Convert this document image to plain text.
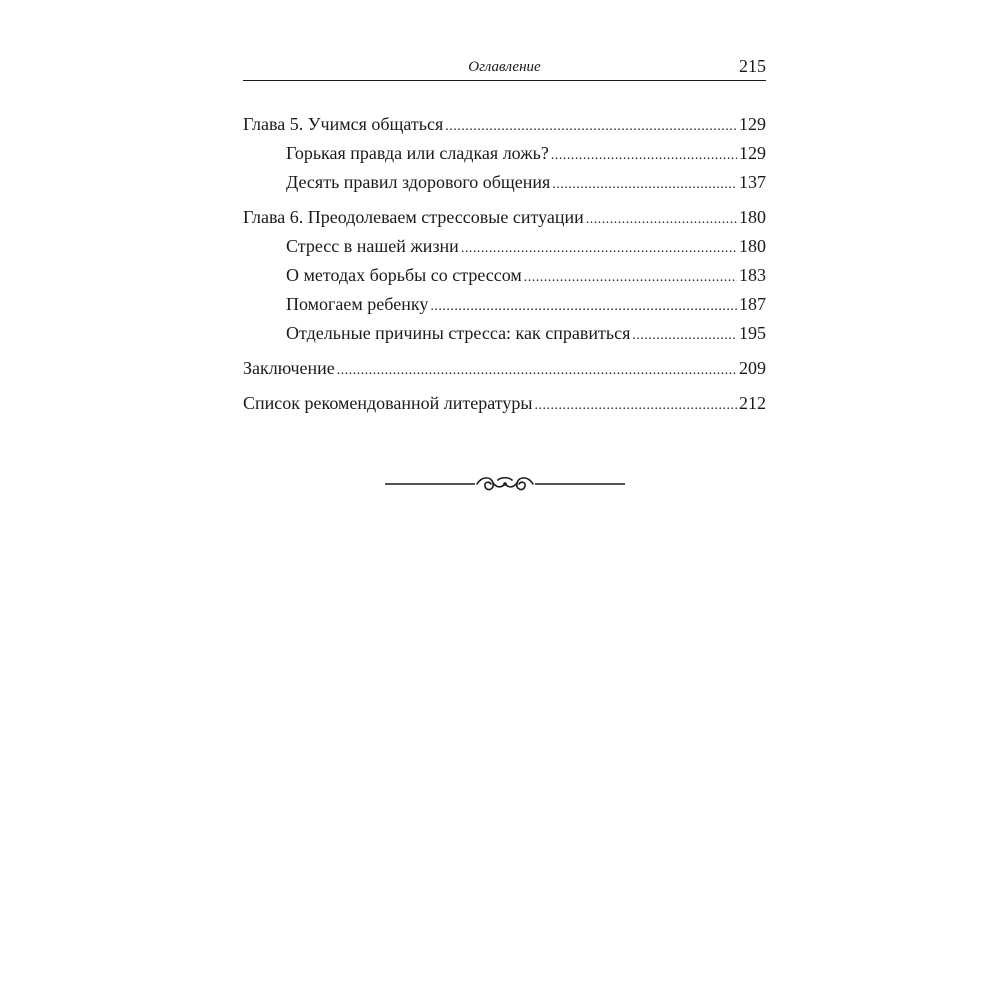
Оглавление	215
Глава 5. Учимся общаться .....	129
Горькая правда или сладкая ложь? .....	129
Десять правил здорового общения .....	137
Глава 6. Преодолеваем стрессовые ситуации .....	180
Стресс в нашей жизни .....	180
О методах борьбы со стрессом .....	183
Помогаем ребенку .....	187
Отдельные причины стресса: как справиться .....	195
Заключение .....	209
Список рекомендованной литературы .....	212
